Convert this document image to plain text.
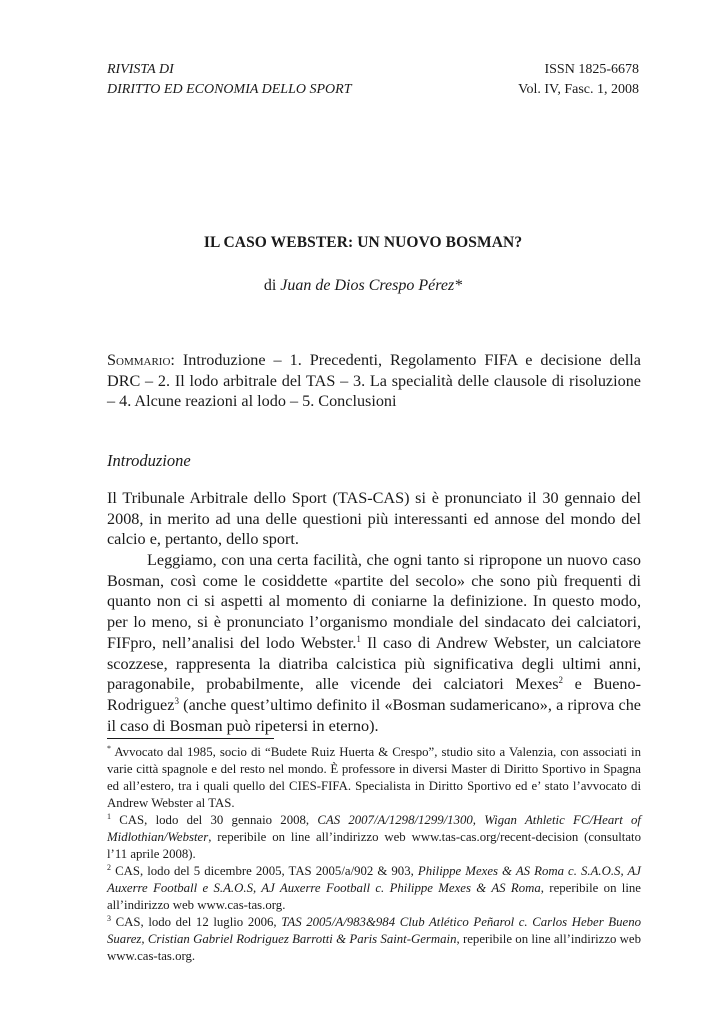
RIVISTA DI
DIRITTO ED ECONOMIA DELLO SPORT
ISSN 1825-6678
Vol. IV, Fasc. 1, 2008
IL CASO WEBSTER: UN NUOVO BOSMAN?
di Juan de Dios Crespo Pérez*
Sommario: Introduzione – 1. Precedenti, Regolamento FIFA e decisione della DRC – 2. Il lodo arbitrale del TAS – 3. La specialità delle clausole di risoluzione – 4. Alcune reazioni al lodo – 5. Conclusioni
Introduzione

Il Tribunale Arbitrale dello Sport (TAS-CAS) si è pronunciato il 30 gennaio del 2008, in merito ad una delle questioni più interessanti ed annose del mondo del calcio e, pertanto, dello sport.

Leggiamo, con una certa facilità, che ogni tanto si ripropone un nuovo caso Bosman, così come le cosiddette «partite del secolo» che sono più frequenti di quanto non ci si aspetti al momento di coniarne la definizione. In questo modo, per lo meno, si è pronunciato l’organismo mondiale del sindacato dei calciatori, FIFpro, nell’analisi del lodo Webster.$^1$ Il caso di Andrew Webster, un calciatore scozzese, rappresenta la diatriba calcistica più significativa degli ultimi anni, paragonabile, probabilmente, alle vicende dei calciatori Mexes$^2$ e Bueno-Rodriguez$^3$ (anche quest’ultimo definito il «Bosman sudamericano», a riprova che il caso di Bosman può ripetersi in eterno).

* Avvocato dal 1985, socio di “Budete Ruiz Huerta & Crespo”, studio sito a Valenzia, con associati in varie città spagnole e del resto nel mondo. È professore in diversi Master di Diritto Sportivo in Spagna ed all’estero, tra i quali quello del CIES-FIFA. Specialista in Diritto Sportivo ed e’ stato l’avvocato di Andrew Webster al TAS.

$^1$ CAS, lodo del 30 gennaio 2008, CAS 2007/A/1298/1299/1300, Wigan Athletic FC/Heart of Midlothian/Webster, reperibile on line all’indirizzo web www.tas-cas.org/recent-decision (consultato l’11 aprile 2008).

$^2$ CAS, lodo del 5 dicembre 2005, TAS 2005/a/902 & 903, Philippe Mexes & AS Roma c. S.A.O.S, AJ Auxerre Football e S.A.O.S, AJ Auxerre Football c. Philippe Mexes & AS Roma, reperibile on line all’indirizzo web www.cas-tas.org.

$^3$ CAS, lodo del 12 luglio 2006, TAS 2005/A/983&984 Club Atlético Peñarol c. Carlos Heber Bueno Suarez, Cristian Gabriel Rodriguez Barrotti & Paris Saint-Germain, reperibile on line all’indirizzo web www.cas-tas.org.
